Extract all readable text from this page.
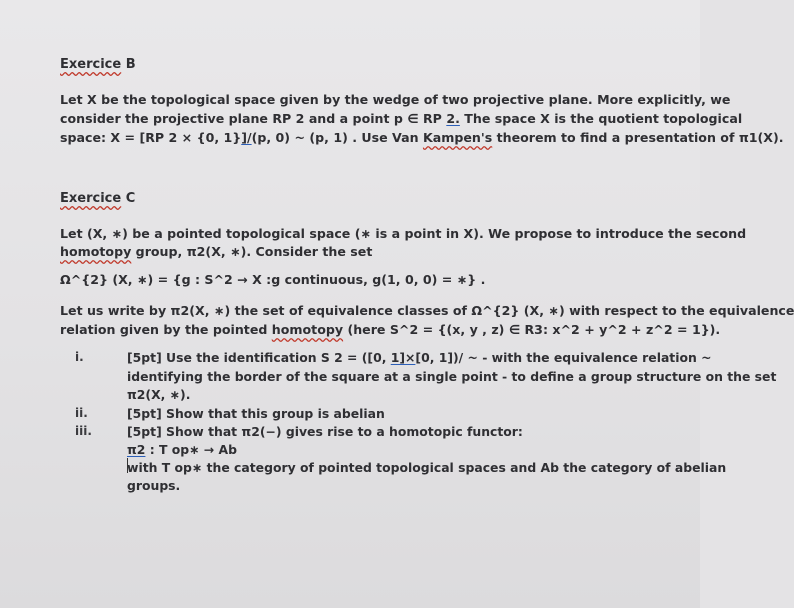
Exercice B

Let X be the topological space given by the wedge of two projective plane. More explicitly, we

consider the projective plane RP 2 and a point p ∈ RP 2. The space X is the quotient topological

space: X = [RP 2 × {0, 1}]/(p, 0) ~ (p, 1) . Use Van Kampen's theorem to find a presentation of π1(X).

Exercice C

Let (X, ∗) be a pointed topological space (∗ is a point in X). We propose to introduce the second

homotopy group, π2(X, ∗). Consider the set

Ω^{2} (X, ∗) = {g : S^2 → X :g continuous, g(1, 0, 0) = ∗} .

Let us write by π2(X, ∗) the set of equivalence classes of Ω^{2} (X, ∗) with respect to the equivalence

relation given by the pointed homotopy (here S^2 = {(x, y , z) ∈ R3: x^2 + y^2 + z^2 = 1}).

i.	[5pt] Use the identification S 2 = ([0, 1]×[0, 1])/ ~ - with the equivalence relation ~
identifying the border of the square at a single point - to define a group structure on the set
π2(X, ∗).
ii.	[5pt] Show that this group is abelian
iii.	[5pt] Show that π2(−) gives rise to a homotopic functor:
π2 : T op∗ → Ab
with T op∗ the category of pointed topological spaces and Ab the category of abelian
groups.
